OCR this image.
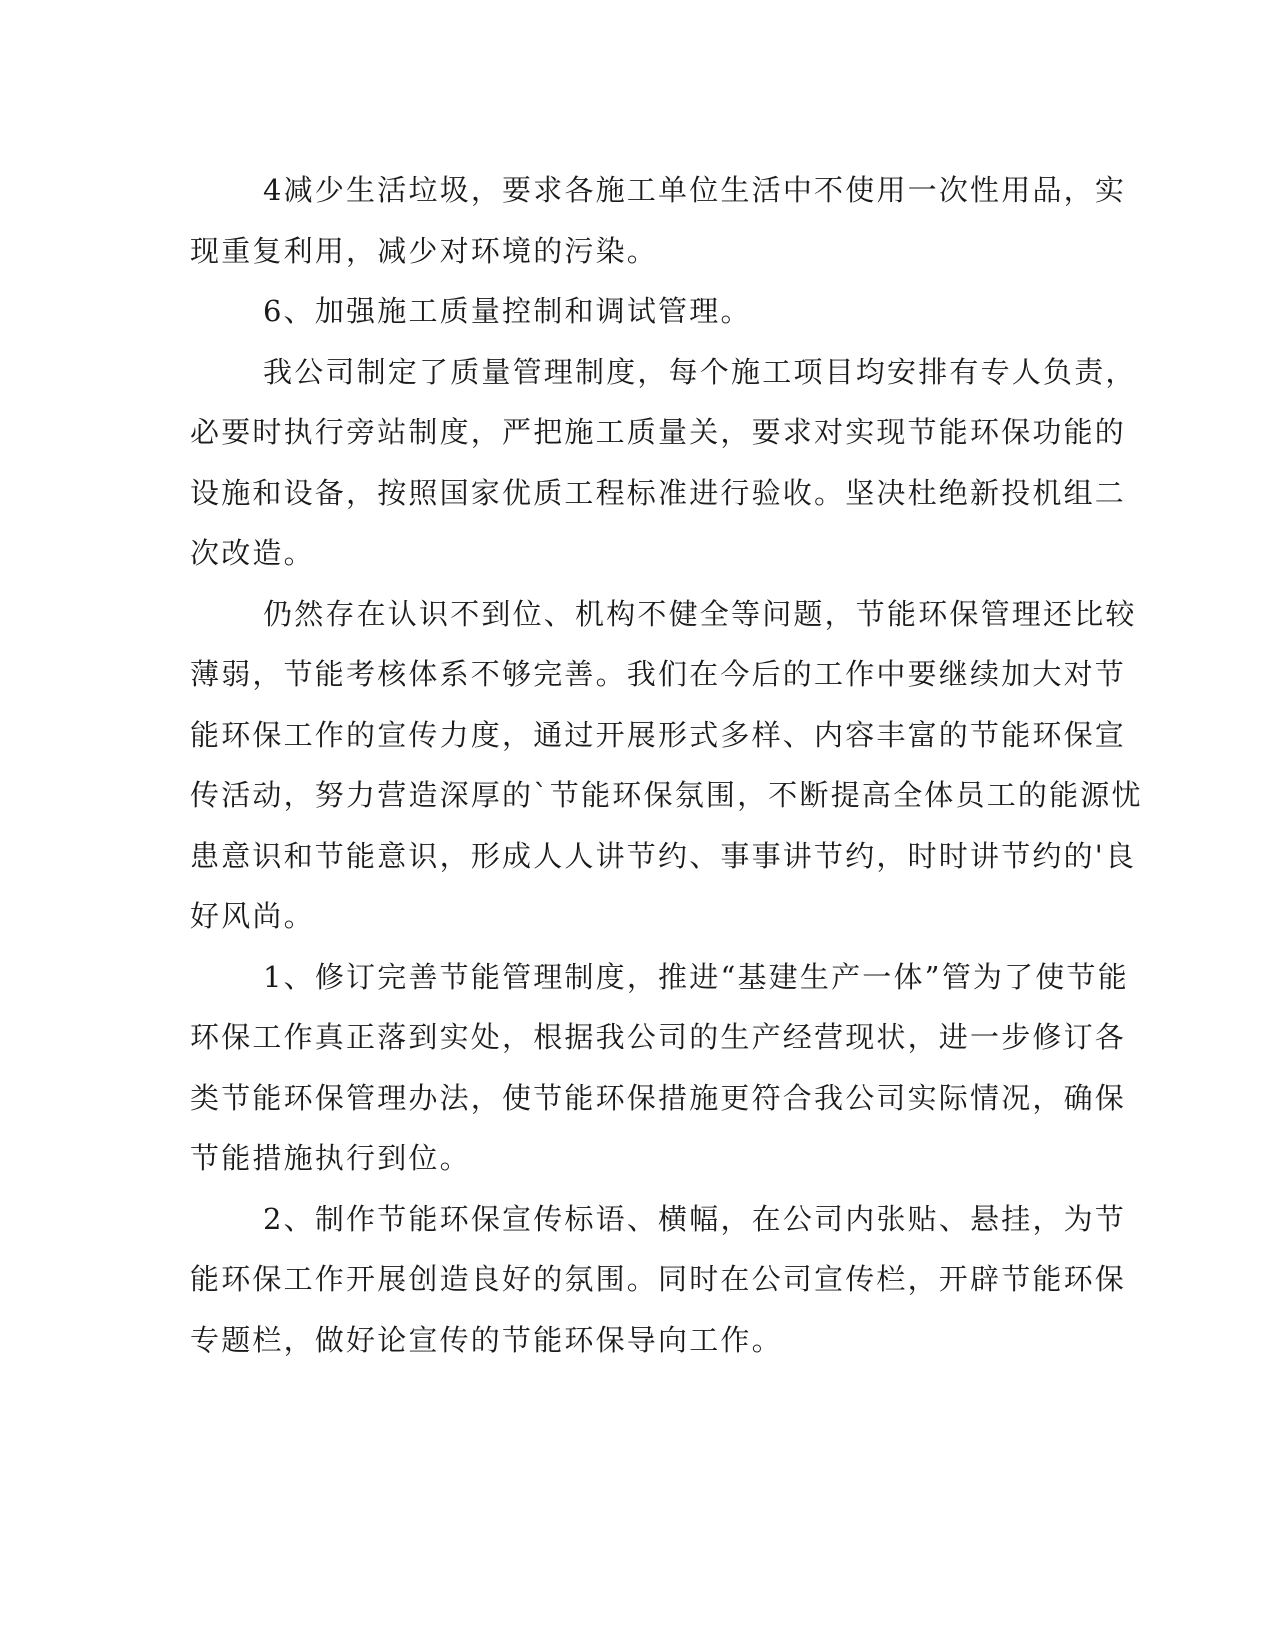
4减少生活垃圾，要求各施工单位生活中不使用一次性用品，实
现重复利用，减少对环境的污染。

6、加强施工质量控制和调试管理。

我公司制定了质量管理制度，每个施工项目均安排有专人负责，
必要时执行旁站制度，严把施工质量关，要求对实现节能环保功能的
设施和设备，按照国家优质工程标准进行验收。坚决杜绝新投机组二
次改造。

仍然存在认识不到位、机构不健全等问题，节能环保管理还比较
薄弱，节能考核体系不够完善。我们在今后的工作中要继续加大对节
能环保工作的宣传力度，通过开展形式多样、内容丰富的节能环保宣
传活动，努力营造深厚的`节能环保氛围，不断提高全体员工的能源忧
患意识和节能意识，形成人人讲节约、事事讲节约，时时讲节约的'良
好风尚。

1、修订完善节能管理制度，推进“基建生产一体”管为了使节能
环保工作真正落到实处，根据我公司的生产经营现状，进一步修订各
类节能环保管理办法，使节能环保措施更符合我公司实际情况，确保
节能措施执行到位。

2、制作节能环保宣传标语、横幅，在公司内张贴、悬挂，为节
能环保工作开展创造良好的氛围。同时在公司宣传栏，开辟节能环保
专题栏，做好论宣传的节能环保导向工作。
